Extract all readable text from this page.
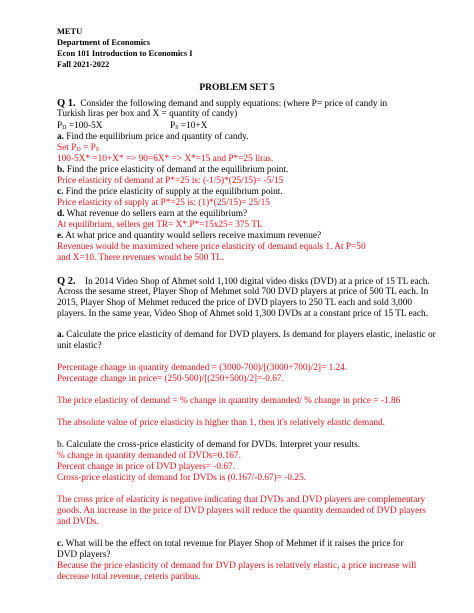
METU
Department of Economics
Econ 101 Introduction to Economics I
Fall 2021-2022
PROBLEM SET 5
Q 1. Consider the following demand and supply equations: (where P= price of candy in
Turkish liras per box and X = quantity of candy)
$P_D =100-5X$	$P_S =10+X$
a. Find the equilibrium price and quantity of candy.
Set $P_D = P_S$
100-5X* =10+X* => 90=6X* => X*=15 and P*=25 liras.
b. Find the price elasticity of demand at the equilibrium point.
Price elasticity of demand at P*=25 is: (-1/5)*(25/15)= -5/15
c. Find the price elasticity of supply at the equilibrium point.
Price elasticity of supply at P*=25 is: (1)*(25/15)= 25/15
d. What revenue do sellers earn at the equilibrium?
At equilibrium, sellers get TR= X*.P*=15x25= 375 TL
e. At what price and quantity would sellers receive maximum revenue?
Revenues would be maximized where price elasticity of demand equals 1. At P=50
and X=10. There revenues would be 500 TL.
Q 2. In 2014 Video Shop of Ahmet sold 1,100 digital video disks (DVD) at a price of 15 TL each.
Across the sesame street, Player Shop of Mehmet sold 700 DVD players at price of 500 TL each. In
2015, Player Shop of Mehmet reduced the price of DVD players to 250 TL each and sold 3,000
players. In the same year, Video Shop of Ahmet sold 1,300 DVDs at a constant price of 15 TL each.
a. Calculate the price elasticity of demand for DVD players. Is demand for players elastic, inelastic or
unit elastic?
Percentage change in quantity demanded = (3000-700)/[(3000+700)/2]= 1.24.
Percentage change in price= (250-500)/[(250+500)/2]=-0.67.
The price elasticity of demand = % change in quantity demanded/ % change in price = -1.86
The absolute value of price elasticity is higher than 1, then it's relatively elastic demand.
b. Calculate the cross-price elasticity of demand for DVDs. Interpret your results.
% change in quantity demanded of DVDs=0.167.
Percent change in price of DVD players= -0.67.
Cross-price elasticity of demand for DVDs is (0.167/-0.67)= -0.25.
The cross price of elasticity is negative indicating that DVDs and DVD players are complementary
goods. An increase in the price of DVD players will reduce the quantity demanded of DVD players
and DVDs.
c. What will be the effect on total revenue for Player Shop of Mehmet if it raises the price for
DVD players?
Because the price elasticity of demand for DVD players is relatively elastic, a price increase will
decrease total revenue, ceteris paribus.
